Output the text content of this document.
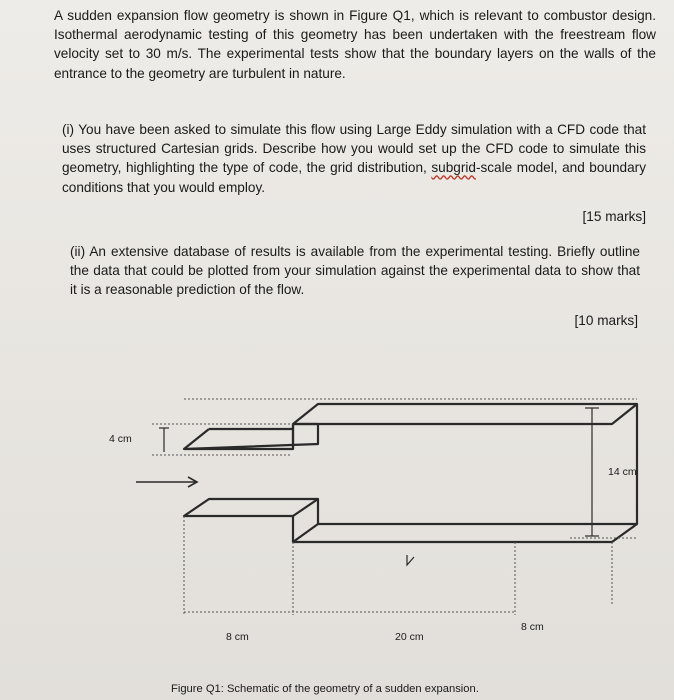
A sudden expansion flow geometry is shown in Figure Q1, which is relevant to combustor design. Isothermal aerodynamic testing of this geometry has been undertaken with the freestream flow velocity set to 30 m/s. The experimental tests show that the boundary layers on the walls of the entrance to the geometry are turbulent in nature.
(i) You have been asked to simulate this flow using Large Eddy simulation with a CFD code that uses structured Cartesian grids. Describe how you would set up the CFD code to simulate this geometry, highlighting the type of code, the grid distribution, subgrid-scale model, and boundary conditions that you would employ.
[15 marks]
(ii) An extensive database of results is available from the experimental testing. Briefly outline the data that could be plotted from your simulation against the experimental data to show that it is a reasonable prediction of the flow.
[10 marks]
4 cm
14 cm
8 cm	20 cm
8 cm
Figure Q1: Schematic of the geometry of a sudden expansion.
